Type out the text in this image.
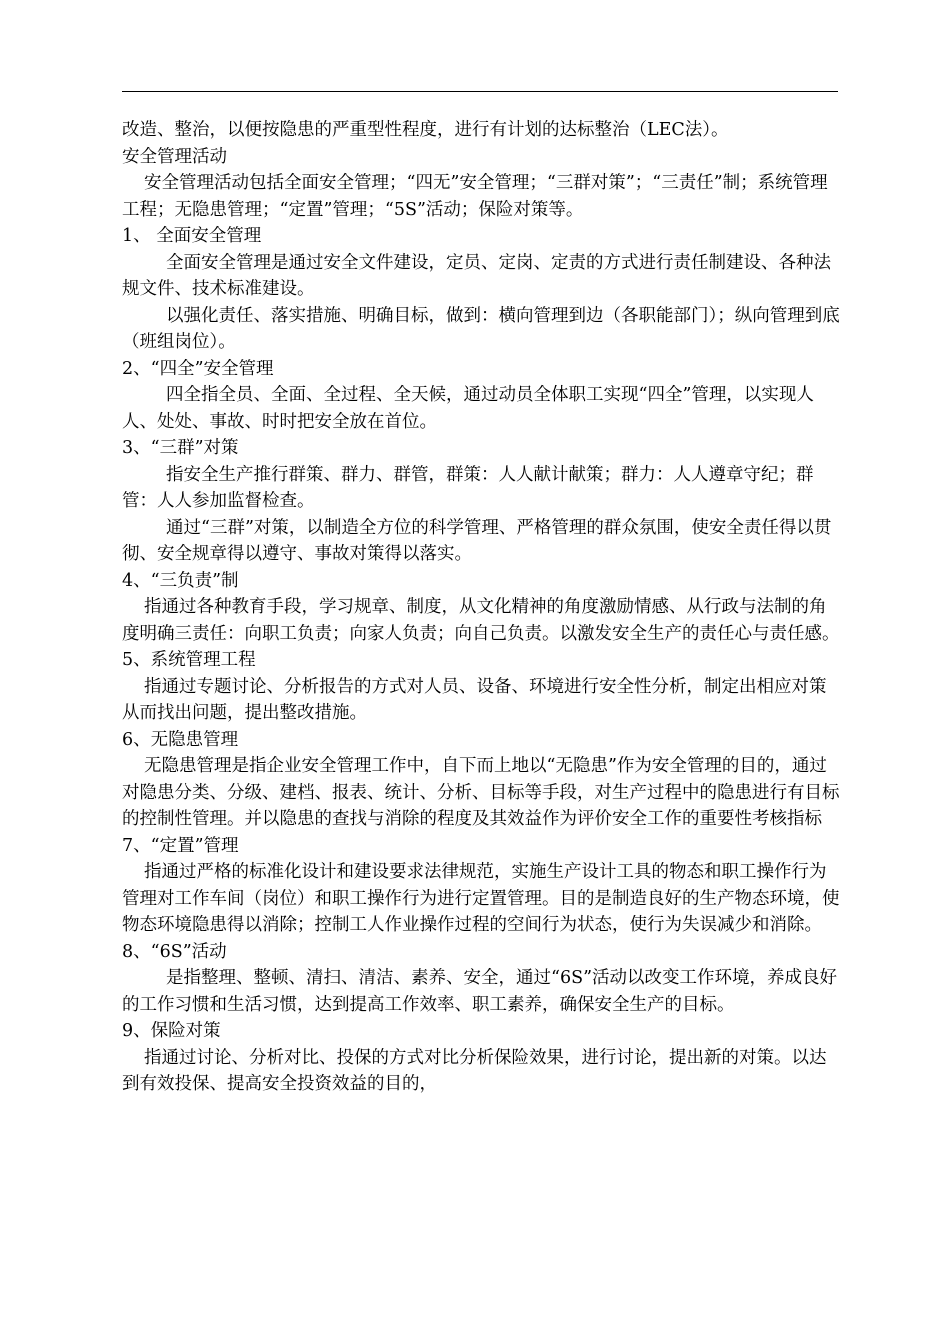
改造、整治，以便按隐患的严重型性程度，进行有计划的达标整治（LEC法）。

安全管理活动

安全管理活动包括全面安全管理；“四无”安全管理；“三群对策”；“三责任”制；系统管理工程；无隐患管理；“定置”管理；“5S”活动；保险对策等。

1、 全面安全管理

全面安全管理是通过安全文件建设，定员、定岗、定责的方式进行责任制建设、各种法规文件、技术标准建设。

以强化责任、落实措施、明确目标，做到：横向管理到边（各职能部门）；纵向管理到底（班组岗位）。

2、“四全”安全管理

四全指全员、全面、全过程、全天候，通过动员全体职工实现“四全”管理，以实现人人、处处、事故、时时把安全放在首位。

3、“三群”对策

指安全生产推行群策、群力、群管，群策：人人献计献策；群力：人人遵章守纪；群管：人人参加监督检查。

通过“三群”对策，以制造全方位的科学管理、严格管理的群众氛围，使安全责任得以贯彻、安全规章得以遵守、事故对策得以落实。

4、“三负责”制

指通过各种教育手段，学习规章、制度，从文化精神的角度激励情感、从行政与法制的角度明确三责任：向职工负责；向家人负责；向自己负责。以激发安全生产的责任心与责任感。

5、系统管理工程

指通过专题讨论、分析报告的方式对人员、设备、环境进行安全性分析，制定出相应对策从而找出问题，提出整改措施。

6、无隐患管理

无隐患管理是指企业安全管理工作中，自下而上地以“无隐患”作为安全管理的目的，通过对隐患分类、分级、建档、报表、统计、分析、目标等手段，对生产过程中的隐患进行有目标的控制性管理。并以隐患的查找与消除的程度及其效益作为评价安全工作的重要性考核指标

7、“定置”管理

指通过严格的标准化设计和建设要求法律规范，实施生产设计工具的物态和职工操作行为管理对工作车间（岗位）和职工操作行为进行定置管理。目的是制造良好的生产物态环境，使物态环境隐患得以消除；控制工人作业操作过程的空间行为状态，使行为失误减少和消除。

8、“6S”活动

是指整理、整顿、清扫、清洁、素养、安全，通过“6S”活动以改变工作环境，养成良好的工作习惯和生活习惯，达到提高工作效率、职工素养，确保安全生产的目标。

9、保险对策

指通过讨论、分析对比、投保的方式对比分析保险效果，进行讨论，提出新的对策。以达到有效投保、提高安全投资效益的目的，
